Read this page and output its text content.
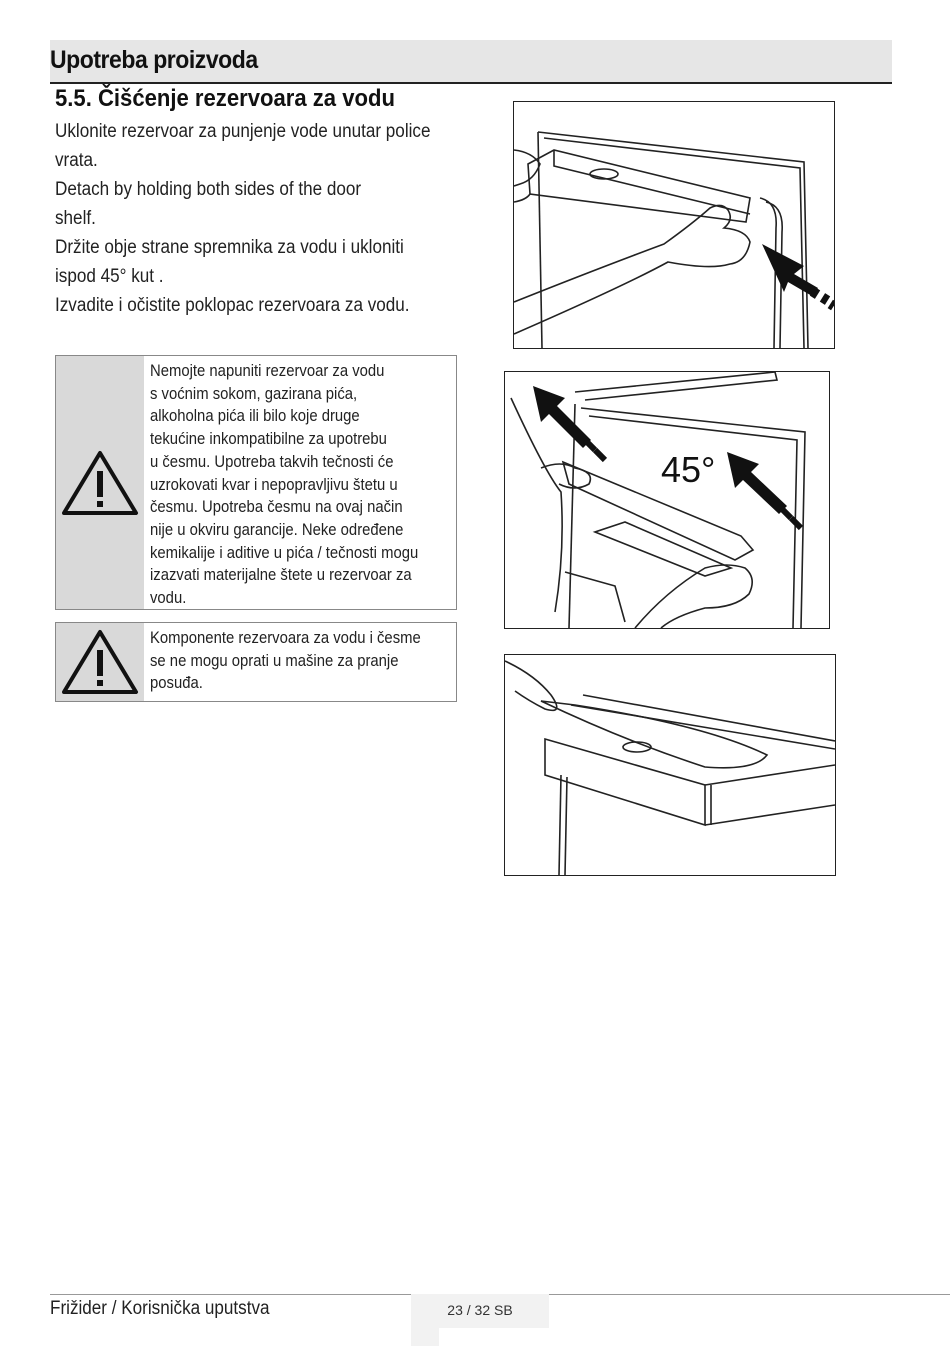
Upotreba proizvoda
5.5. Čišćenje rezervoara za vodu

Uklonite rezervoar za punjenje vode unutar police

vrata.

Detach by holding both sides of the door

shelf.

Držite obje strane spremnika za vodu i ukloniti

ispod 45° kut .

Izvadite i očistite poklopac rezervoara za vodu.

Nemojte napuniti rezervoar za vodu
s voćnim sokom, gazirana pića,
alkoholna pića ili bilo koje druge
tekućine inkompatibilne za upotrebu
u česmu. Upotreba takvih tečnosti će
uzrokovati kvar i nepopravljivu štetu u
česmu. Upotreba česmu na ovaj način
nije u okviru garancije. Neke određene
kemikalije i aditive u pića / tečnosti mogu
izazvati materijalne štete u rezervoar za
vodu.
Komponente rezervoara za vodu i česme
se ne mogu oprati u mašine za pranje
posuđa.
45°
Frižider / Korisnička uputstva	23 / 32 SB
